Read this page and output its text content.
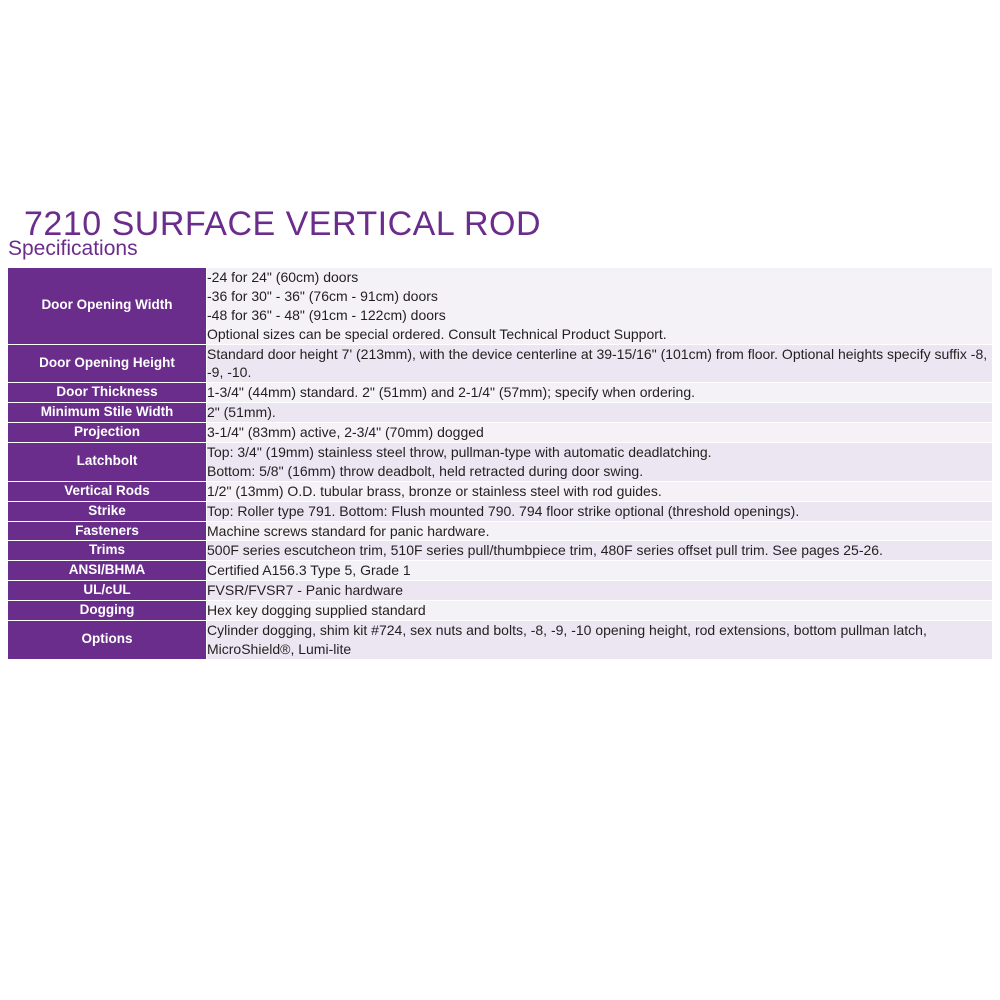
7210 SURFACE VERTICAL ROD
Specifications
Door Opening Width	-24 for 24" (60cm) doors
-36 for 30" - 36" (76cm - 91cm) doors
-48 for 36" - 48" (91cm - 122cm) doors
Optional sizes can be special ordered. Consult Technical Product Support.

Door Opening Height	Standard door height 7' (213mm), with the device centerline at 39-15/16" (101cm) from floor. Optional heights specify suffix -8, -9, -10.

Door Thickness	1-3/4" (44mm) standard. 2" (51mm) and 2-1/4" (57mm); specify when ordering.

Minimum Stile Width	2" (51mm).

Projection	3-1/4" (83mm) active, 2-3/4" (70mm) dogged

Latchbolt	Top: 3/4" (19mm) stainless steel throw, pullman-type with automatic deadlatching.
Bottom: 5/8" (16mm) throw deadbolt, held retracted during door swing.

Vertical Rods	1/2" (13mm) O.D. tubular brass, bronze or stainless steel with rod guides.

Strike	Top: Roller type 791. Bottom: Flush mounted 790. 794 floor strike optional (threshold openings).

Fasteners	Machine screws standard for panic hardware.

Trims	500F series escutcheon trim, 510F series pull/thumbpiece trim, 480F series offset pull trim. See pages 25-26.

ANSI/BHMA	Certified A156.3 Type 5, Grade 1

UL/cUL	FVSR/FVSR7 - Panic hardware

Dogging	Hex key dogging supplied standard

Options	Cylinder dogging, shim kit #724, sex nuts and bolts, -8, -9, -10 opening height, rod extensions, bottom pullman latch,
MicroShield®, Lumi-lite
